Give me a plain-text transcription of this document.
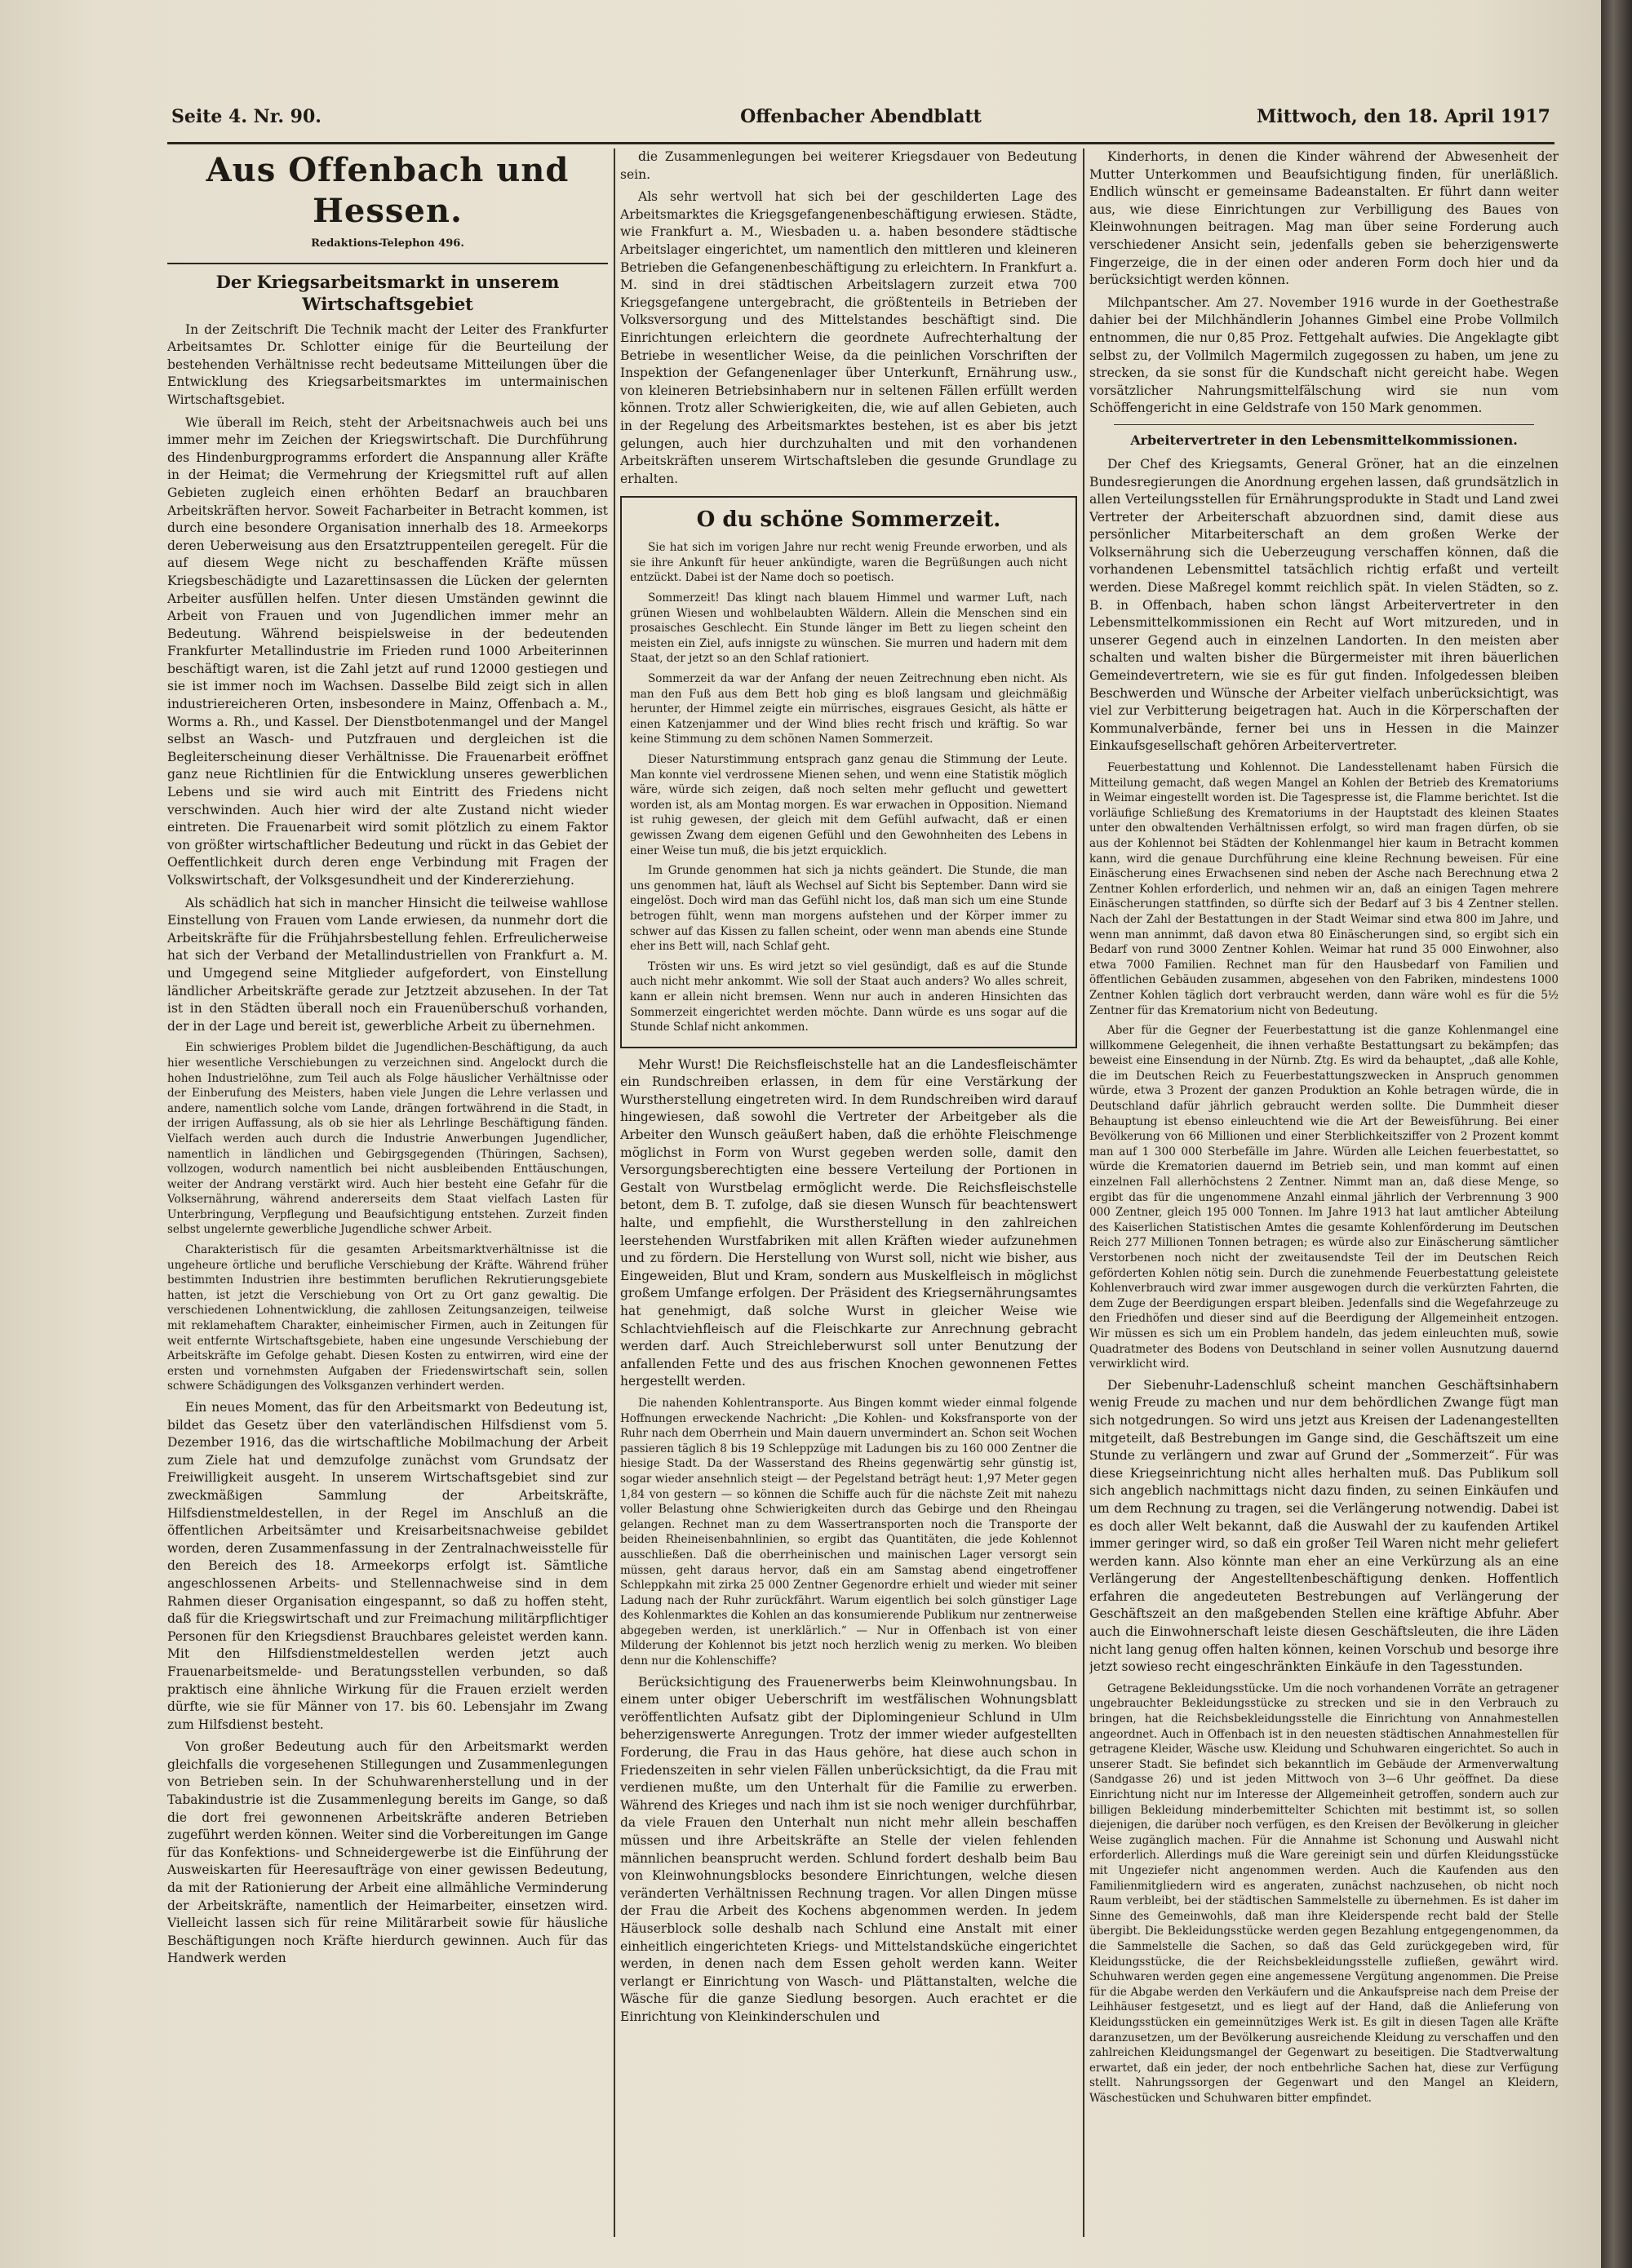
Seite 4. Nr. 90.	Offenbacher Abendblatt	Mittwoch, den 18. April 1917
Aus Offenbach und Hessen.
Redaktions-Telephon 496.
Der Kriegsarbeitsmarkt in unserem Wirtschaftsgebiet

In der Zeitschrift Die Technik macht der Leiter des Frankfurter Arbeitsamtes Dr. Schlotter einige für die Beurteilung der bestehenden Verhältnisse recht bedeutsame Mitteilungen über die Entwicklung des Kriegsarbeitsmarktes im untermainischen Wirtschaftsgebiet.

Wie überall im Reich, steht der Arbeitsnachweis auch bei uns immer mehr im Zeichen der Kriegswirtschaft. Die Durchführung des Hindenburgprogramms erfordert die Anspannung aller Kräfte in der Heimat; die Vermehrung der Kriegsmittel ruft auf allen Gebieten zugleich einen erhöhten Bedarf an brauchbaren Arbeitskräften hervor. Soweit Facharbeiter in Betracht kommen, ist durch eine besondere Organisation innerhalb des 18. Armeekorps deren Ueberweisung aus den Ersatztruppenteilen geregelt. Für die auf diesem Wege nicht zu beschaffenden Kräfte müssen Kriegsbeschädigte und Lazarettinsassen die Lücken der gelernten Arbeiter ausfüllen helfen. Unter diesen Umständen gewinnt die Arbeit von Frauen und von Jugendlichen immer mehr an Bedeutung. Während beispielsweise in der bedeutenden Frankfurter Metallindustrie im Frieden rund 1000 Arbeiterinnen beschäftigt waren, ist die Zahl jetzt auf rund 12000 gestiegen und sie ist immer noch im Wachsen. Dasselbe Bild zeigt sich in allen industriereicheren Orten, insbesondere in Mainz, Offenbach a. M., Worms a. Rh., und Kassel. Der Dienstbotenmangel und der Mangel selbst an Wasch- und Putzfrauen und dergleichen ist die Begleiterscheinung dieser Verhältnisse. Die Frauenarbeit eröffnet ganz neue Richtlinien für die Entwicklung unseres gewerblichen Lebens und sie wird auch mit Eintritt des Friedens nicht verschwinden. Auch hier wird der alte Zustand nicht wieder eintreten. Die Frauenarbeit wird somit plötzlich zu einem Faktor von größter wirtschaftlicher Bedeutung und rückt in das Gebiet der Oeffentlichkeit durch deren enge Verbindung mit Fragen der Volkswirtschaft, der Volksgesundheit und der Kindererziehung.

Als schädlich hat sich in mancher Hinsicht die teilweise wahllose Einstellung von Frauen vom Lande erwiesen, da nunmehr dort die Arbeitskräfte für die Frühjahrsbestellung fehlen. Erfreulicherweise hat sich der Verband der Metallindustriellen von Frankfurt a. M. und Umgegend seine Mitglieder aufgefordert, von Einstellung ländlicher Arbeitskräfte gerade zur Jetztzeit abzusehen. In der Tat ist in den Städten überall noch ein Frauenüberschuß vorhanden, der in der Lage und bereit ist, gewerbliche Arbeit zu übernehmen.

Ein schwieriges Problem bildet die Jugendlichen-Beschäftigung, da auch hier wesentliche Verschiebungen zu verzeichnen sind. Angelockt durch die hohen Industrielöhne, zum Teil auch als Folge häuslicher Verhältnisse oder der Einberufung des Meisters, haben viele Jungen die Lehre verlassen und andere, namentlich solche vom Lande, drängen fortwährend in die Stadt, in der irrigen Auffassung, als ob sie hier als Lehrlinge Beschäftigung fänden. Vielfach werden auch durch die Industrie Anwerbungen Jugendlicher, namentlich in ländlichen und Gebirgsgegenden (Thüringen, Sachsen), vollzogen, wodurch namentlich bei nicht ausbleibenden Enttäuschungen, weiter der Andrang verstärkt wird. Auch hier besteht eine Gefahr für die Volksernährung, während andererseits dem Staat vielfach Lasten für Unterbringung, Verpflegung und Beaufsichtigung entstehen. Zurzeit finden selbst ungelernte gewerbliche Jugendliche schwer Arbeit.

Charakteristisch für die gesamten Arbeitsmarktverhältnisse ist die ungeheure örtliche und berufliche Verschiebung der Kräfte. Während früher bestimmten Industrien ihre bestimmten beruflichen Rekrutierungsgebiete hatten, ist jetzt die Verschiebung von Ort zu Ort ganz gewaltig. Die verschiedenen Lohnentwicklung, die zahllosen Zeitungsanzeigen, teilweise mit reklamehaftem Charakter, einheimischer Firmen, auch in Zeitungen für weit entfernte Wirtschaftsgebiete, haben eine ungesunde Verschiebung der Arbeitskräfte im Gefolge gehabt. Diesen Kosten zu entwirren, wird eine der ersten und vornehmsten Aufgaben der Friedenswirtschaft sein, sollen schwere Schädigungen des Volksganzen verhindert werden.

Ein neues Moment, das für den Arbeitsmarkt von Bedeutung ist, bildet das Gesetz über den vaterländischen Hilfsdienst vom 5. Dezember 1916, das die wirtschaftliche Mobilmachung der Arbeit zum Ziele hat und demzufolge zunächst vom Grundsatz der Freiwilligkeit ausgeht. In unserem Wirtschaftsgebiet sind zur zweckmäßigen Sammlung der Arbeitskräfte, Hilfsdienstmeldestellen, in der Regel im Anschluß an die öffentlichen Arbeitsämter und Kreisarbeitsnachweise gebildet worden, deren Zusammenfassung in der Zentralnachweisstelle für den Bereich des 18. Armeekorps erfolgt ist. Sämtliche angeschlossenen Arbeits- und Stellennachweise sind in dem Rahmen dieser Organisation eingespannt, so daß zu hoffen steht, daß für die Kriegswirtschaft und zur Freimachung militärpflichtiger Personen für den Kriegsdienst Brauchbares geleistet werden kann. Mit den Hilfsdienstmeldestellen werden jetzt auch Frauenarbeitsmelde- und Beratungsstellen verbunden, so daß praktisch eine ähnliche Wirkung für die Frauen erzielt werden dürfte, wie sie für Männer von 17. bis 60. Lebensjahr im Zwang zum Hilfsdienst besteht.

Von großer Bedeutung auch für den Arbeitsmarkt werden gleichfalls die vorgesehenen Stillegungen und Zusammenlegungen von Betrieben sein. In der Schuhwarenherstellung und in der Tabakindustrie ist die Zusammenlegung bereits im Gange, so daß die dort frei gewonnenen Arbeitskräfte anderen Betrieben zugeführt werden können. Weiter sind die Vorbereitungen im Gange für das Konfektions- und Schneidergewerbe ist die Einführung der Ausweiskarten für Heeresaufträge von einer gewissen Bedeutung, da mit der Rationierung der Arbeit eine allmähliche Verminderung der Arbeitskräfte, namentlich der Heimarbeiter, einsetzen wird. Vielleicht lassen sich für reine Militärarbeit sowie für häusliche Beschäftigungen noch Kräfte hierdurch gewinnen. Auch für das Handwerk werden

die Zusammenlegungen bei weiterer Kriegsdauer von Bedeutung sein.

Als sehr wertvoll hat sich bei der geschilderten Lage des Arbeitsmarktes die Kriegsgefangenenbeschäftigung erwiesen. Städte, wie Frankfurt a. M., Wiesbaden u. a. haben besondere städtische Arbeitslager eingerichtet, um namentlich den mittleren und kleineren Betrieben die Gefangenenbeschäftigung zu erleichtern. In Frankfurt a. M. sind in drei städtischen Arbeitslagern zurzeit etwa 700 Kriegsgefangene untergebracht, die größtenteils in Betrieben der Volksversorgung und des Mittelstandes beschäftigt sind. Die Einrichtungen erleichtern die geordnete Aufrechterhaltung der Betriebe in wesentlicher Weise, da die peinlichen Vorschriften der Inspektion der Gefangenenlager über Unterkunft, Ernährung usw., von kleineren Betriebsinhabern nur in seltenen Fällen erfüllt werden können. Trotz aller Schwierigkeiten, die, wie auf allen Gebieten, auch in der Regelung des Arbeitsmarktes bestehen, ist es aber bis jetzt gelungen, auch hier durchzuhalten und mit den vorhandenen Arbeitskräften unserem Wirtschaftsleben die gesunde Grundlage zu erhalten.

O du schöne Sommerzeit.

Sie hat sich im vorigen Jahre nur recht wenig Freunde erworben, und als sie ihre Ankunft für heuer ankündigte, waren die Begrüßungen auch nicht entzückt. Dabei ist der Name doch so poetisch.

Sommerzeit! Das klingt nach blauem Himmel und warmer Luft, nach grünen Wiesen und wohlbelaubten Wäldern. Allein die Menschen sind ein prosaisches Geschlecht. Ein Stunde länger im Bett zu liegen scheint den meisten ein Ziel, aufs innigste zu wünschen. Sie murren und hadern mit dem Staat, der jetzt so an den Schlaf rationiert.

Sommerzeit da war der Anfang der neuen Zeitrechnung eben nicht. Als man den Fuß aus dem Bett hob ging es bloß langsam und gleichmäßig herunter, der Himmel zeigte ein mürrisches, eisgraues Gesicht, als hätte er einen Katzenjammer und der Wind blies recht frisch und kräftig. So war keine Stimmung zu dem schönen Namen Sommerzeit.

Dieser Naturstimmung entsprach ganz genau die Stimmung der Leute. Man konnte viel verdrossene Mienen sehen, und wenn eine Statistik möglich wäre, würde sich zeigen, daß noch selten mehr geflucht und gewettert worden ist, als am Montag morgen. Es war erwachen in Opposition. Niemand ist ruhig gewesen, der gleich mit dem Gefühl aufwacht, daß er einen gewissen Zwang dem eigenen Gefühl und den Gewohnheiten des Lebens in einer Weise tun muß, die bis jetzt erquicklich.

Im Grunde genommen hat sich ja nichts geändert. Die Stunde, die man uns genommen hat, läuft als Wechsel auf Sicht bis September. Dann wird sie eingelöst. Doch wird man das Gefühl nicht los, daß man sich um eine Stunde betrogen fühlt, wenn man morgens aufstehen und der Körper immer zu schwer auf das Kissen zu fallen scheint, oder wenn man abends eine Stunde eher ins Bett will, nach Schlaf geht.

Trösten wir uns. Es wird jetzt so viel gesündigt, daß es auf die Stunde auch nicht mehr ankommt. Wie soll der Staat auch anders? Wo alles schreit, kann er allein nicht bremsen. Wenn nur auch in anderen Hinsichten das Sommerzeit eingerichtet werden möchte. Dann würde es uns sogar auf die Stunde Schlaf nicht ankommen.

Mehr Wurst! Die Reichsfleischstelle hat an die Landesfleischämter ein Rundschreiben erlassen, in dem für eine Verstärkung der Wurstherstellung eingetreten wird. In dem Rundschreiben wird darauf hingewiesen, daß sowohl die Vertreter der Arbeitgeber als die Arbeiter den Wunsch geäußert haben, daß die erhöhte Fleischmenge möglichst in Form von Wurst gegeben werden solle, damit den Versorgungsberechtigten eine bessere Verteilung der Portionen in Gestalt von Wurstbelag ermöglicht werde. Die Reichsfleischstelle betont, dem B. T. zufolge, daß sie diesen Wunsch für beachtenswert halte, und empfiehlt, die Wurstherstellung in den zahlreichen leerstehenden Wurstfabriken mit allen Kräften wieder aufzunehmen und zu fördern. Die Herstellung von Wurst soll, nicht wie bisher, aus Eingeweiden, Blut und Kram, sondern aus Muskelfleisch in möglichst großem Umfange erfolgen. Der Präsident des Kriegsernährungsamtes hat genehmigt, daß solche Wurst in gleicher Weise wie Schlachtviehfleisch auf die Fleischkarte zur Anrechnung gebracht werden darf. Auch Streichleberwurst soll unter Benutzung der anfallenden Fette und des aus frischen Knochen gewonnenen Fettes hergestellt werden.

Die nahenden Kohlentransporte. Aus Bingen kommt wieder einmal folgende Hoffnungen erweckende Nachricht: „Die Kohlen- und Koksfransporte von der Ruhr nach dem Oberrhein und Main dauern unvermindert an. Schon seit Wochen passieren täglich 8 bis 19 Schleppzüge mit Ladungen bis zu 160 000 Zentner die hiesige Stadt. Da der Wasserstand des Rheins gegenwärtig sehr günstig ist, sogar wieder ansehnlich steigt — der Pegelstand beträgt heut: 1,97 Meter gegen 1,84 von gestern — so können die Schiffe auch für die nächste Zeit mit nahezu voller Belastung ohne Schwierigkeiten durch das Gebirge und den Rheingau gelangen. Rechnet man zu dem Wassertransporten noch die Transporte der beiden Rheineisenbahnlinien, so ergibt das Quantitäten, die jede Kohlennot ausschließen. Daß die oberrheinischen und mainischen Lager versorgt sein müssen, geht daraus hervor, daß ein am Samstag abend eingetroffener Schleppkahn mit zirka 25 000 Zentner Gegenordre erhielt und wieder mit seiner Ladung nach der Ruhr zurückfährt. Warum eigentlich bei solch günstiger Lage des Kohlenmarktes die Kohlen an das konsumierende Publikum nur zentnerweise abgegeben werden, ist unerklärlich.“ — Nur in Offenbach ist von einer Milderung der Kohlennot bis jetzt noch herzlich wenig zu merken. Wo bleiben denn nur die Kohlenschiffe?

Berücksichtigung des Frauenerwerbs beim Kleinwohnungsbau. In einem unter obiger Ueberschrift im westfälischen Wohnungsblatt veröffentlichten Aufsatz gibt der Diplomingenieur Schlund in Ulm beherzigenswerte Anregungen. Trotz der immer wieder aufgestellten Forderung, die Frau in das Haus gehöre, hat diese auch schon in Friedenszeiten in sehr vielen Fällen unberücksichtigt, da die Frau mit verdienen mußte, um den Unterhalt für die Familie zu erwerben. Während des Krieges und nach ihm ist sie noch weniger durchführbar, da viele Frauen den Unterhalt nun nicht mehr allein beschaffen müssen und ihre Arbeitskräfte an Stelle der vielen fehlenden männlichen beansprucht werden. Schlund fordert deshalb beim Bau von Kleinwohnungsblocks besondere Einrichtungen, welche diesen veränderten Verhältnissen Rechnung tragen. Vor allen Dingen müsse der Frau die Arbeit des Kochens abgenommen werden. In jedem Häuserblock solle deshalb nach Schlund eine Anstalt mit einer einheitlich eingerichteten Kriegs- und Mittelstandsküche eingerichtet werden, in denen nach dem Essen geholt werden kann. Weiter verlangt er Einrichtung von Wasch- und Plättanstalten, welche die Wäsche für die ganze Siedlung besorgen. Auch erachtet er die Einrichtung von Kleinkinderschulen und

Kinderhorts, in denen die Kinder während der Abwesenheit der Mutter Unterkommen und Beaufsichtigung finden, für unerläßlich. Endlich wünscht er gemeinsame Badeanstalten. Er führt dann weiter aus, wie diese Einrichtungen zur Verbilligung des Baues von Kleinwohnungen beitragen. Mag man über seine Forderung auch verschiedener Ansicht sein, jedenfalls geben sie beherzigenswerte Fingerzeige, die in der einen oder anderen Form doch hier und da berücksichtigt werden können.

Milchpantscher. Am 27. November 1916 wurde in der Goethestraße dahier bei der Milchhändlerin Johannes Gimbel eine Probe Vollmilch entnommen, die nur 0,85 Proz. Fettgehalt aufwies. Die Angeklagte gibt selbst zu, der Vollmilch Magermilch zugegossen zu haben, um jene zu strecken, da sie sonst für die Kundschaft nicht gereicht habe. Wegen vorsätzlicher Nahrungsmittelfälschung wird sie nun vom Schöffengericht in eine Geldstrafe von 150 Mark genommen.

Arbeitervertreter in den Lebensmittelkommissionen.

Der Chef des Kriegsamts, General Gröner, hat an die einzelnen Bundesregierungen die Anordnung ergehen lassen, daß grundsätzlich in allen Verteilungsstellen für Ernährungsprodukte in Stadt und Land zwei Vertreter der Arbeiterschaft abzuordnen sind, damit diese aus persönlicher Mitarbeiterschaft an dem großen Werke der Volksernährung sich die Ueberzeugung verschaffen können, daß die vorhandenen Lebensmittel tatsächlich richtig erfaßt und verteilt werden. Diese Maßregel kommt reichlich spät. In vielen Städten, so z. B. in Offenbach, haben schon längst Arbeitervertreter in den Lebensmittelkommissionen ein Recht auf Wort mitzureden, und in unserer Gegend auch in einzelnen Landorten. In den meisten aber schalten und walten bisher die Bürgermeister mit ihren bäuerlichen Gemeindevertretern, wie sie es für gut finden. Infolgedessen bleiben Beschwerden und Wünsche der Arbeiter vielfach unberücksichtigt, was viel zur Verbitterung beigetragen hat. Auch in die Körperschaften der Kommunalverbände, ferner bei uns in Hessen in die Mainzer Einkaufsgesellschaft gehören Arbeitervertreter.

Feuerbestattung und Kohlennot. Die Landesstellenamt haben Fürsich die Mitteilung gemacht, daß wegen Mangel an Kohlen der Betrieb des Krematoriums in Weimar eingestellt worden ist. Die Tagespresse ist, die Flamme berichtet. Ist die vorläufige Schließung des Krematoriums in der Hauptstadt des kleinen Staates unter den obwaltenden Verhältnissen erfolgt, so wird man fragen dürfen, ob sie aus der Kohlennot bei Städten der Kohlenmangel hier kaum in Betracht kommen kann, wird die genaue Durchführung eine kleine Rechnung beweisen. Für eine Einäscherung eines Erwachsenen sind neben der Asche nach Berechnung etwa 2 Zentner Kohlen erforderlich, und nehmen wir an, daß an einigen Tagen mehrere Einäscherungen stattfinden, so dürfte sich der Bedarf auf 3 bis 4 Zentner stellen. Nach der Zahl der Bestattungen in der Stadt Weimar sind etwa 800 im Jahre, und wenn man annimmt, daß davon etwa 80 Einäscherungen sind, so ergibt sich ein Bedarf von rund 3000 Zentner Kohlen. Weimar hat rund 35 000 Einwohner, also etwa 7000 Familien. Rechnet man für den Hausbedarf von Familien und öffentlichen Gebäuden zusammen, abgesehen von den Fabriken, mindestens 1000 Zentner Kohlen täglich dort verbraucht werden, dann wäre wohl es für die 5½ Zentner für das Krematorium nicht von Bedeutung.

Aber für die Gegner der Feuerbestattung ist die ganze Kohlenmangel eine willkommene Gelegenheit, die ihnen verhaßte Bestattungsart zu bekämpfen; das beweist eine Einsendung in der Nürnb. Ztg. Es wird da behauptet, „daß alle Kohle, die im Deutschen Reich zu Feuerbestattungszwecken in Anspruch genommen würde, etwa 3 Prozent der ganzen Produktion an Kohle betragen würde, die in Deutschland dafür jährlich gebraucht werden sollte. Die Dummheit dieser Behauptung ist ebenso einleuchtend wie die Art der Beweisführung. Bei einer Bevölkerung von 66 Millionen und einer Sterblichkeitsziffer von 2 Prozent kommt man auf 1 300 000 Sterbefälle im Jahre. Würden alle Leichen feuerbestattet, so würde die Krematorien dauernd im Betrieb sein, und man kommt auf einen einzelnen Fall allerhöchstens 2 Zentner. Nimmt man an, daß diese Menge, so ergibt das für die ungenommene Anzahl einmal jährlich der Verbrennung 3 900 000 Zentner, gleich 195 000 Tonnen. Im Jahre 1913 hat laut amtlicher Abteilung des Kaiserlichen Statistischen Amtes die gesamte Kohlenförderung im Deutschen Reich 277 Millionen Tonnen betragen; es würde also zur Einäscherung sämtlicher Verstorbenen noch nicht der zweitausendste Teil der im Deutschen Reich geförderten Kohlen nötig sein. Durch die zunehmende Feuerbestattung geleistete Kohlenverbrauch wird zwar immer ausgewogen durch die verkürzten Fahrten, die dem Zuge der Beerdigungen erspart bleiben. Jedenfalls sind die Wegefahrzeuge zu den Friedhöfen und dieser sind auf die Beerdigung der Allgemeinheit entzogen. Wir müssen es sich um ein Problem handeln, das jedem einleuchten muß, sowie Quadratmeter des Bodens von Deutschland in seiner vollen Ausnutzung dauernd verwirklicht wird.

Der Siebenuhr-Ladenschluß scheint manchen Geschäftsinhabern wenig Freude zu machen und nur dem behördlichen Zwange fügt man sich notgedrungen. So wird uns jetzt aus Kreisen der Ladenangestellten mitgeteilt, daß Bestrebungen im Gange sind, die Geschäftszeit um eine Stunde zu verlängern und zwar auf Grund der „Sommerzeit“. Für was diese Kriegseinrichtung nicht alles herhalten muß. Das Publikum soll sich angeblich nachmittags nicht dazu finden, zu seinen Einkäufen und um dem Rechnung zu tragen, sei die Verlängerung notwendig. Dabei ist es doch aller Welt bekannt, daß die Auswahl der zu kaufenden Artikel immer geringer wird, so daß ein großer Teil Waren nicht mehr geliefert werden kann. Also könnte man eher an eine Verkürzung als an eine Verlängerung der Angestelltenbeschäftigung denken. Hoffentlich erfahren die angedeuteten Bestrebungen auf Verlängerung der Geschäftszeit an den maßgebenden Stellen eine kräftige Abfuhr. Aber auch die Einwohnerschaft leiste diesen Geschäftsleuten, die ihre Läden nicht lang genug offen halten können, keinen Vorschub und besorge ihre jetzt sowieso recht eingeschränkten Einkäufe in den Tagesstunden.

Getragene Bekleidungsstücke. Um die noch vorhandenen Vorräte an getragener ungebrauchter Bekleidungsstücke zu strecken und sie in den Verbrauch zu bringen, hat die Reichsbekleidungsstelle die Einrichtung von Annahmestellen angeordnet. Auch in Offenbach ist in den neuesten städtischen Annahmestellen für getragene Kleider, Wäsche usw. Kleidung und Schuhwaren eingerichtet. So auch in unserer Stadt. Sie befindet sich bekanntlich im Gebäude der Armenverwaltung (Sandgasse 26) und ist jeden Mittwoch von 3—6 Uhr geöffnet. Da diese Einrichtung nicht nur im Interesse der Allgemeinheit getroffen, sondern auch zur billigen Bekleidung minderbemittelter Schichten mit bestimmt ist, so sollen diejenigen, die darüber noch verfügen, es den Kreisen der Bevölkerung in gleicher Weise zugänglich machen. Für die Annahme ist Schonung und Auswahl nicht erforderlich. Allerdings muß die Ware gereinigt sein und dürfen Kleidungsstücke mit Ungeziefer nicht angenommen werden. Auch die Kaufenden aus den Familienmitgliedern wird es angeraten, zunächst nachzusehen, ob nicht noch Raum verbleibt, bei der städtischen Sammelstelle zu übernehmen. Es ist daher im Sinne des Gemeinwohls, daß man ihre Kleiderspende recht bald der Stelle übergibt. Die Bekleidungsstücke werden gegen Bezahlung entgegengenommen, da die Sammelstelle die Sachen, so daß das Geld zurückgegeben wird, für Kleidungsstücke, die der Reichsbekleidungsstelle zufließen, gewährt wird. Schuhwaren werden gegen eine angemessene Vergütung angenommen. Die Preise für die Abgabe werden den Verkäufern und die Ankaufspreise nach dem Preise der Leihhäuser festgesetzt, und es liegt auf der Hand, daß die Anlieferung von Kleidungsstücken ein gemeinnütziges Werk ist. Es gilt in diesen Tagen alle Kräfte daranzusetzen, um der Bevölkerung ausreichende Kleidung zu verschaffen und den zahlreichen Kleidungsmangel der Gegenwart zu beseitigen. Die Stadtverwaltung erwartet, daß ein jeder, der noch entbehrliche Sachen hat, diese zur Verfügung stellt. Nahrungssorgen der Gegenwart und den Mangel an Kleidern, Wäschestücken und Schuhwaren bitter empfindet.
